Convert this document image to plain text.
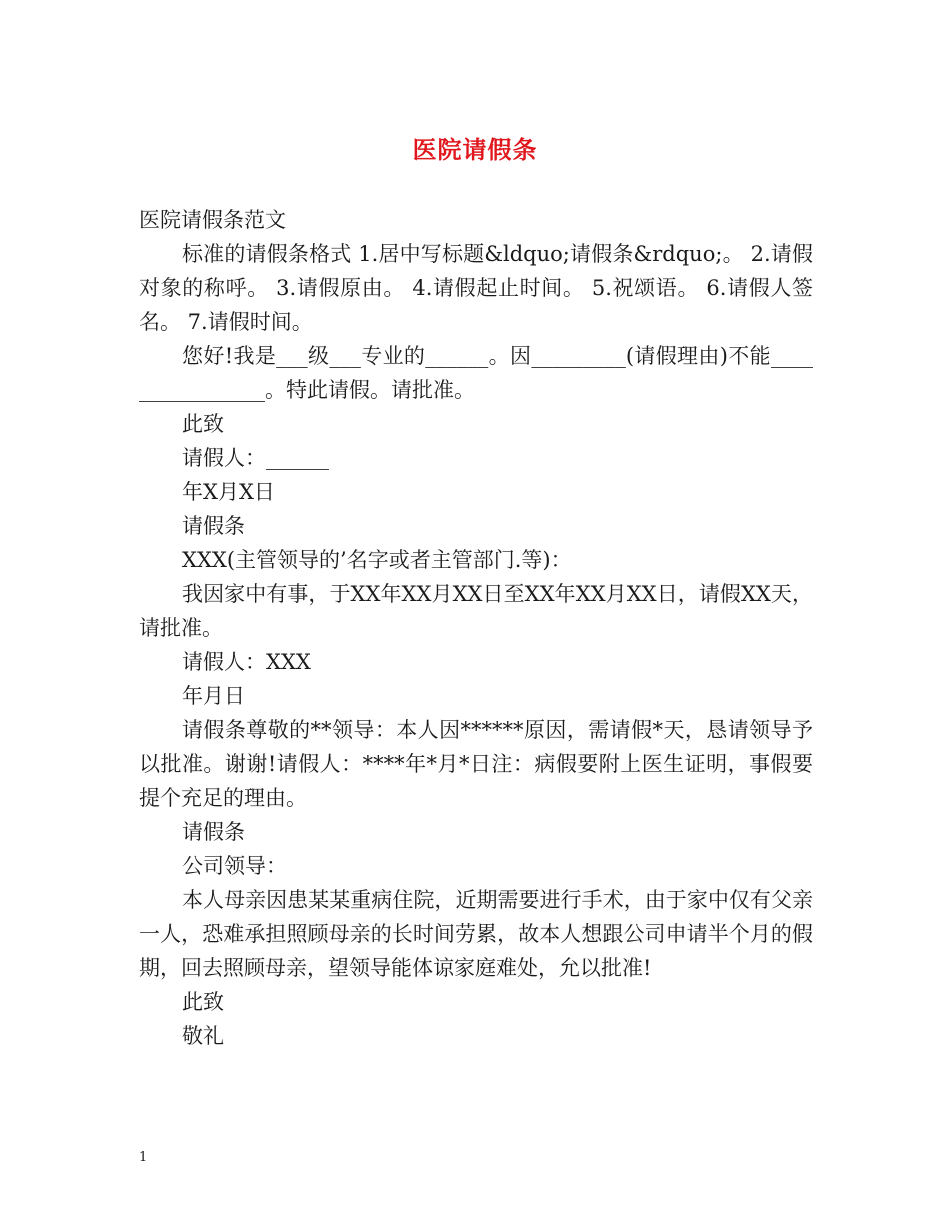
医院请假条

医院请假条范文

标准的请假条格式 1.居中写标题&ldquo;请假条&rdquo;。 2.请假对象的称呼。 3.请假原由。 4.请假起止时间。 5.祝颂语。 6.请假人签名。 7.请假时间。

您好!我是___级___专业的______。因_________(请假理由)不能________________。特此请假。请批准。

此致

请假人：______

年X月X日

请假条

XXX(主管领导的’名字或者主管部门.等)：

我因家中有事，于XX年XX月XX日至XX年XX月XX日，请假XX天，请批准。

请假人：XXX

年月日

请假条尊敬的**领导：本人因******原因，需请假*天，恳请领导予以批准。谢谢!请假人：****年*月*日注：病假要附上医生证明，事假要提个充足的理由。

请假条

公司领导：

本人母亲因患某某重病住院，近期需要进行手术，由于家中仅有父亲一人，恐难承担照顾母亲的长时间劳累，故本人想跟公司申请半个月的假期，回去照顾母亲，望领导能体谅家庭难处，允以批准!

此致

敬礼

1
